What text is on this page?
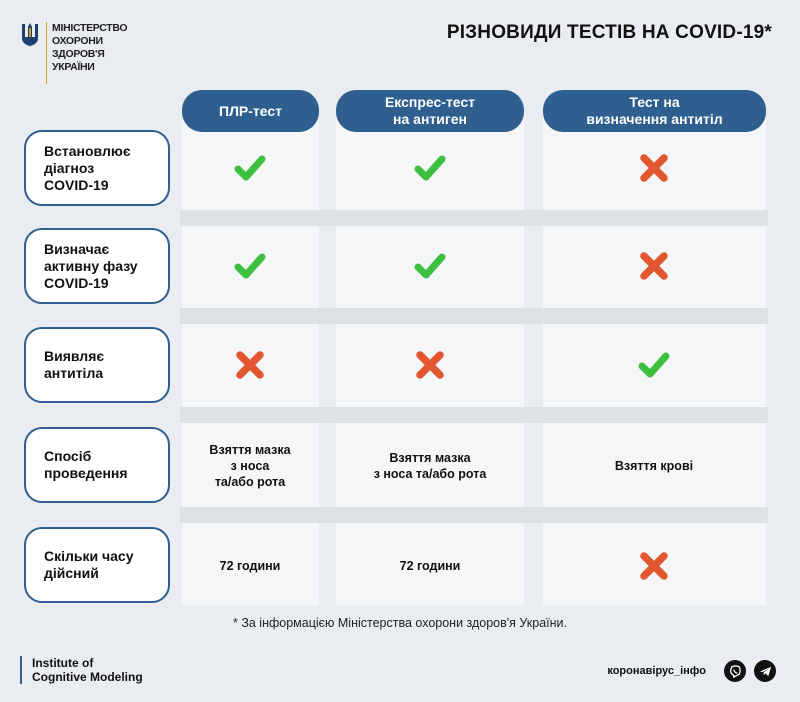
МІНІСТЕРСТВО
ОХОРОНИ
ЗДОРОВ'Я
УКРАЇНИ
РІЗНОВИДИ ТЕСТІВ НА COVID-19*
ПЛР-тест
Експрес-тест
на антиген
Тест на
визначення антитіл
Встановлює
діагноз
COVID-19
Визначає
активну фазу
COVID-19
Виявляє
антитіла
Спосіб
проведення
Скільки часу
дійсний
Взяття мазка
з носа
та/або рота
Взяття мазка
з носа та/або рота
Взяття крові
72 години	72 години
* За інформацією Міністерства охорони здоров'я України.
Institute of
Cognitive Modeling	коронавірус_інфо
